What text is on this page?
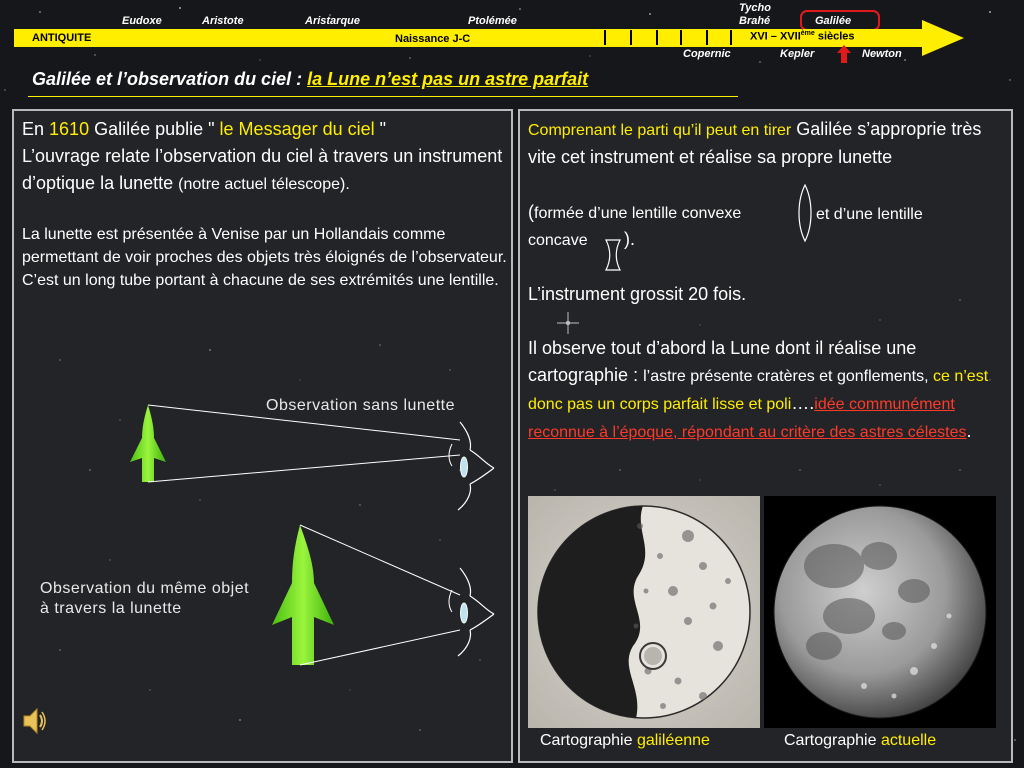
Eudoxe	Aristote	Aristarque	Ptolémée
Tycho
Brahé	Galilée
ANTIQUITE	Naissance J-C	XVI – XVIIème siècles
Copernic	Kepler	Newton
Galilée et l’observation du ciel : la Lune n’est pas un astre parfait
En 1610 Galilée publie " le Messager du ciel "
L’ouvrage relate l’observation du ciel à travers un instrument d’optique la lunette (notre actuel télescope).
La lunette est présentée à Venise par un Hollandais comme permettant de voir proches des objets très éloignés de l’observateur. C’est un long tube portant à chacune de ses extrémités une lentille.
Observation sans lunette
Observation du même objet à travers la lunette
Comprenant le parti qu’il peut en tirer Galilée s’approprie très vite cet instrument et réalise sa propre lunette
(formée d’une lentille convexe	et d’une lentille
concave ).
L’instrument grossit 20 fois.
Il observe tout d’abord la Lune dont il réalise une cartographie : l’astre présente cratères et gonflements, ce n’est donc pas un corps parfait lisse et poli….idée communément reconnue à l’époque, répondant au critère des astres célestes.
Cartographie galiléenne	Cartographie actuelle
